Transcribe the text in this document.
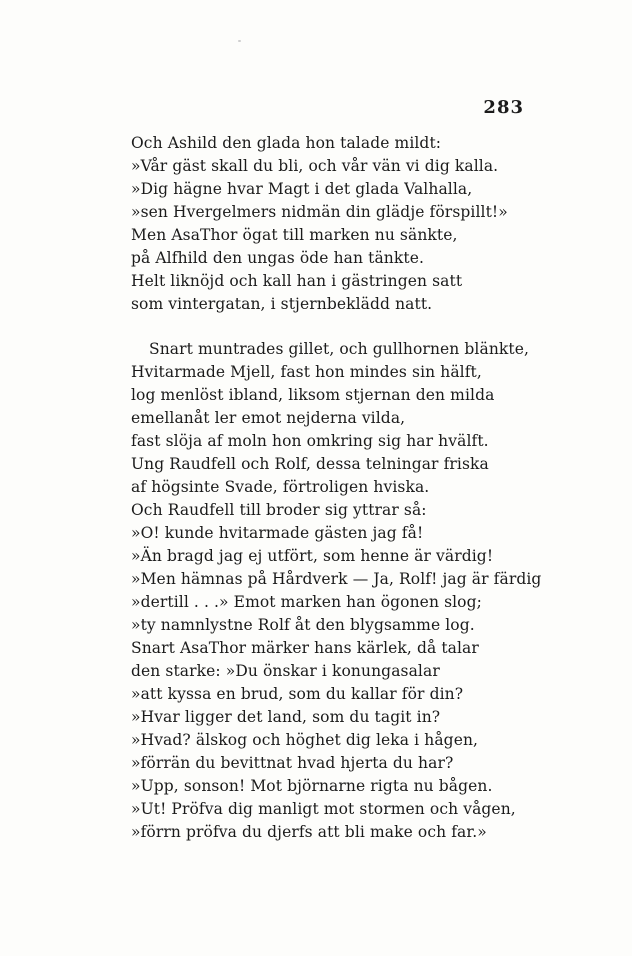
283
Och Ashild den glada hon talade mildt:
»Vår gäst skall du bli, och vår vän vi dig kalla.
»Dig hägne hvar Magt i det glada Valhalla,
»sen Hvergelmers nidmän din glädje förspillt!»
Men AsaThor ögat till marken nu sänkte,
på Alfhild den ungas öde han tänkte.
Helt liknöjd och kall han i gästringen satt
som vintergatan, i stjernbeklädd natt.
Snart muntrades gillet, och gullhornen blänkte,
Hvitarmade Mjell, fast hon mindes sin hälft,
log menlöst ibland, liksom stjernan den milda
emellanåt ler emot nejderna vilda,
fast slöja af moln hon omkring sig har hvälft.
Ung Raudfell och Rolf, dessa telningar friska
af högsinte Svade, förtroligen hviska.
Och Raudfell till broder sig yttrar så:
»O! kunde hvitarmade gästen jag få!
»Än bragd jag ej utfört, som henne är värdig!
»Men hämnas på Hårdverk — Ja, Rolf! jag är färdig
»dertill . . .» Emot marken han ögonen slog;
»ty namnlystne Rolf åt den blygsamme log.
Snart AsaThor märker hans kärlek, då talar
den starke: »Du önskar i konungasalar
»att kyssa en brud, som du kallar för din?
»Hvar ligger det land, som du tagit in?
»Hvad? älskog och höghet dig leka i hågen,
»förrän du bevittnat hvad hjerta du har?
»Upp, sonson! Mot björnarne rigta nu bågen.
»Ut! Pröfva dig manligt mot stormen och vågen,
»förrn pröfva du djerfs att bli make och far.»
